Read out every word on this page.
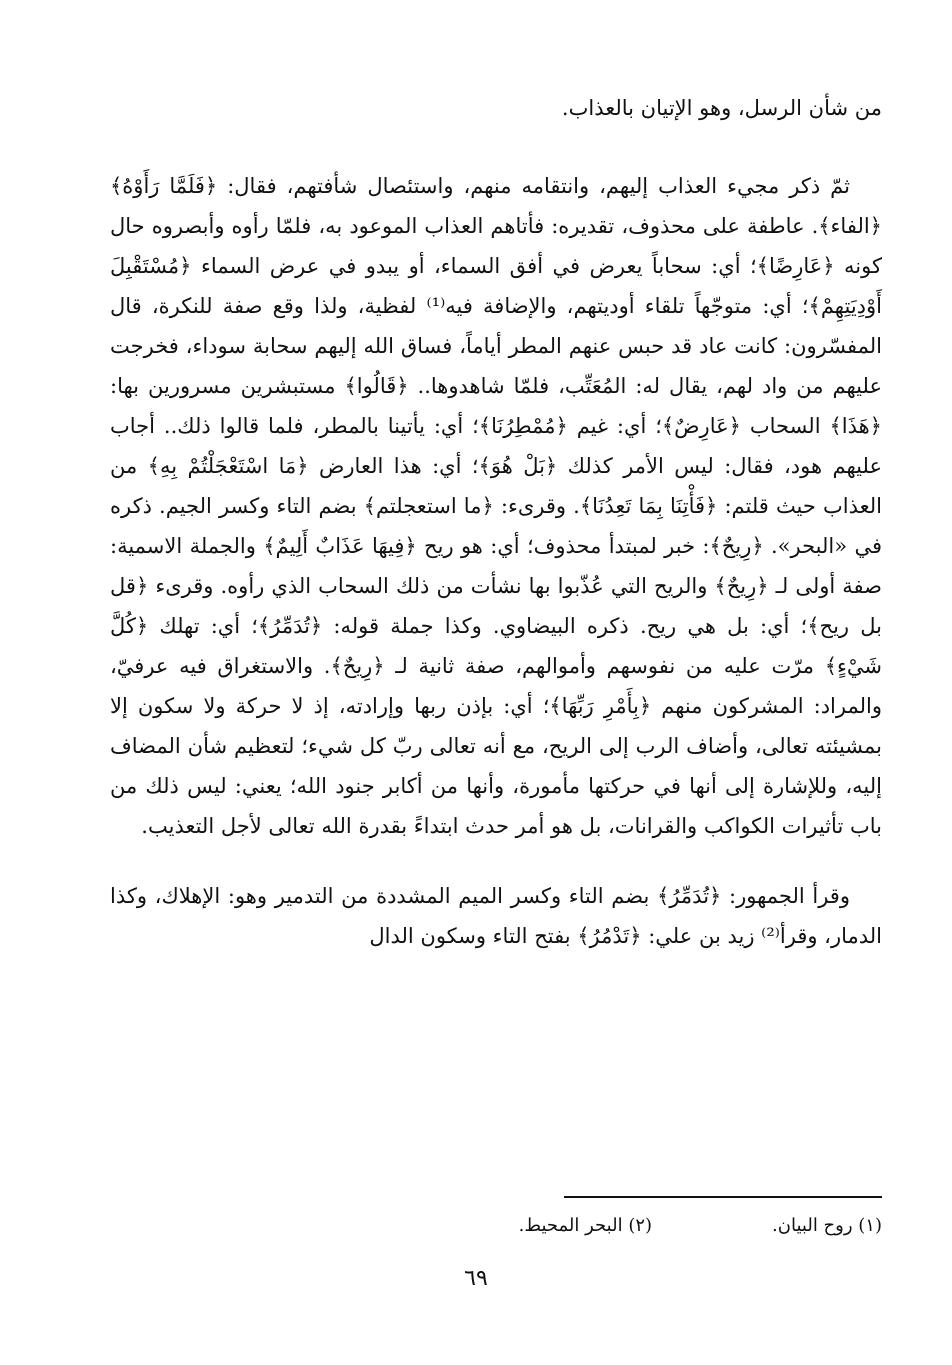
من شأن الرسل، وهو الإتيان بالعذاب.

ثمّ ذكر مجيء العذاب إليهم، وانتقامه منهم، واستئصال شأفتهم، فقال: ﴿فَلَمَّا رَأَوْهُ﴾ ﴿الفاء﴾. عاطفة على محذوف، تقديره: فأتاهم العذاب الموعود به، فلمّا رأوه وأبصروه حال كونه ﴿عَارِضًا﴾؛ أي: سحاباً يعرض في أفق السماء، أو يبدو في عرض السماء ﴿مُسْتَقْبِلَ أَوْدِيَتِهِمْ﴾؛ أي: متوجّهاً تلقاء أوديتهم، والإضافة فيه⁽¹⁾ لفظية، ولذا وقع صفة للنكرة، قال المفسّرون: كانت عاد قد حبس عنهم المطر أياماً، فساق الله إليهم سحابة سوداء، فخرجت عليهم من واد لهم، يقال له: المُعَتِّب، فلمّا شاهدوها.. ﴿قَالُوا﴾ مستبشرين مسرورين بها: ﴿هَذَا﴾ السحاب ﴿عَارِضٌ﴾؛ أي: غيم ﴿مُمْطِرُنَا﴾؛ أي: يأتينا بالمطر، فلما قالوا ذلك.. أجاب عليهم هود، فقال: ليس الأمر كذلك ﴿بَلْ هُوَ﴾؛ أي: هذا العارض ﴿مَا اسْتَعْجَلْتُمْ بِهِ﴾ من العذاب حيث قلتم: ﴿فَأْتِنَا بِمَا تَعِدُنَا﴾. وقرىء: ﴿ما استعجلتم﴾ بضم التاء وكسر الجيم. ذكره في «البحر». ﴿رِيحٌ﴾: خبر لمبتدأ محذوف؛ أي: هو ريح ﴿فِيهَا عَذَابٌ أَلِيمٌ﴾ والجملة الاسمية: صفة أولى لـ ﴿رِيحٌ﴾ والريح التي عُذّبوا بها نشأت من ذلك السحاب الذي رأوه. وقرىء ﴿قل بل ريح﴾؛ أي: بل هي ريح. ذكره البيضاوي. وكذا جملة قوله: ﴿تُدَمِّرُ﴾؛ أي: تهلك ﴿كُلَّ شَيْءٍ﴾ مرّت عليه من نفوسهم وأموالهم، صفة ثانية لـ ﴿رِيحٌ﴾. والاستغراق فيه عرفيّ، والمراد: المشركون منهم ﴿بِأَمْرِ رَبِّهَا﴾؛ أي: بإذن ربها وإرادته، إذ لا حركة ولا سكون إلا بمشيئته تعالى، وأضاف الرب إلى الريح، مع أنه تعالى ربّ كل شيء؛ لتعظيم شأن المضاف إليه، وللإشارة إلى أنها في حركتها مأمورة، وأنها من أكابر جنود الله؛ يعني: ليس ذلك من باب تأثيرات الكواكب والقرانات، بل هو أمر حدث ابتداءً بقدرة الله تعالى لأجل التعذيب.

وقرأ الجمهور: ﴿تُدَمِّرُ﴾ بضم التاء وكسر الميم المشددة من التدمير وهو: الإهلاك، وكذا الدمار، وقرأ⁽²⁾ زيد بن علي: ﴿تَدْمُرُ﴾ بفتح التاء وسكون الدال

(١) روح البيان.
(٢) البحر المحيط.
٦٩
